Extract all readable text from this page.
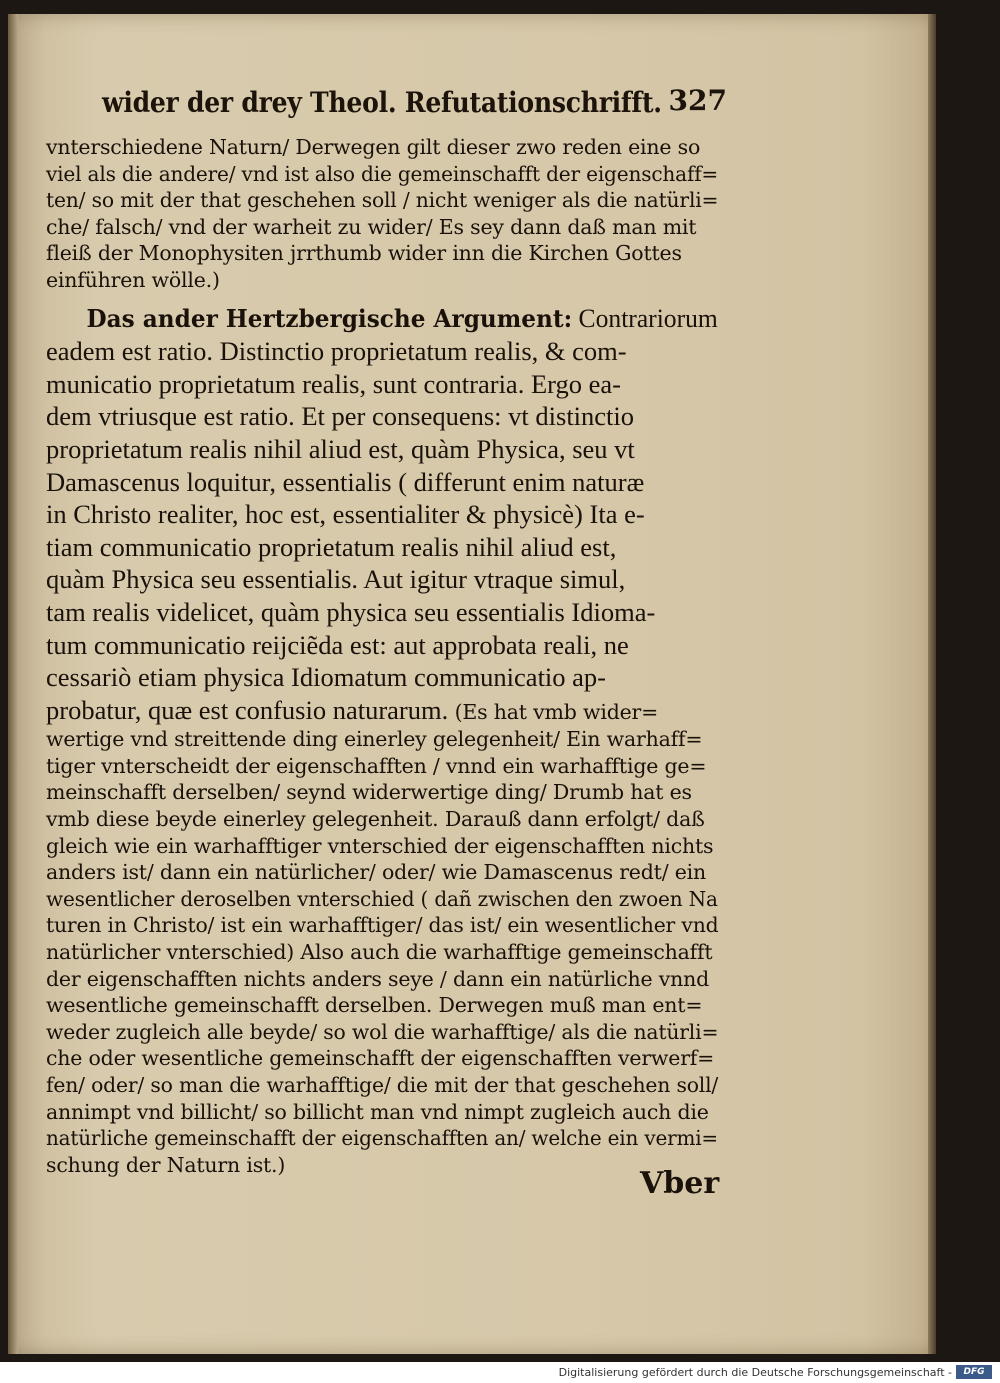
wider der drey Theol. Refutationschrifft. 327
vnterschiedene Naturn/ Derwegen gilt dieser zwo reden eine so
viel als die andere/ vnd ist also die gemeinschafft der eigenschaff=
ten/ so mit der that geschehen soll / nicht weniger als die natürli=
che/ falsch/ vnd der warheit zu wider/ Es sey dann daß man mit
fleiß der Monophysiten jrrthumb wider inn die Kirchen Gottes
einführen wölle.)
Das ander Hertzbergische Argument: Contrariorum
eadem est ratio. Distinctio proprietatum realis, & com-
municatio proprietatum realis, sunt contraria. Ergo ea-
dem vtriusque est ratio. Et per consequens: vt distinctio
proprietatum realis nihil aliud est, quàm Physica, seu vt
Damascenus loquitur, essentialis ( differunt enim naturæ
in Christo realiter, hoc est, essentialiter & physicè) Ita e-
tiam communicatio proprietatum realis nihil aliud est,
quàm Physica seu essentialis. Aut igitur vtraque simul,
tam realis videlicet, quàm physica seu essentialis Idioma-
tum communicatio reijciẽda est: aut approbata reali, ne
cessariò etiam physica Idiomatum communicatio ap-
probatur, quæ est confusio naturarum. (Es hat vmb wider=
wertige vnd streittende ding einerley gelegenheit/ Ein warhaff=
tiger vnterscheidt der eigenschafften / vnnd ein warhafftige ge=
meinschafft derselben/ seynd widerwertige ding/ Drumb hat es
vmb diese beyde einerley gelegenheit. Darauß dann erfolgt/ daß
gleich wie ein warhafftiger vnterschied der eigenschafften nichts
anders ist/ dann ein natürlicher/ oder/ wie Damascenus redt/ ein
wesentlicher deroselben vnterschied ( dañ zwischen den zwoen Na
turen in Christo/ ist ein warhafftiger/ das ist/ ein wesentlicher vnd
natürlicher vnterschied) Also auch die warhafftige gemeinschafft
der eigenschafften nichts anders seye / dann ein natürliche vnnd
wesentliche gemeinschafft derselben. Derwegen muß man ent=
weder zugleich alle beyde/ so wol die warhafftige/ als die natürli=
che oder wesentliche gemeinschafft der eigenschafften verwerf=
fen/ oder/ so man die warhafftige/ die mit der that geschehen soll/
annimpt vnd billicht/ so billicht man vnd nimpt zugleich auch die
natürliche gemeinschafft der eigenschafften an/ welche ein vermi=
schung der Naturn ist.)
Vber
Digitalisierung gefördert durch die Deutsche Forschungsgemeinschaft -	DFG
